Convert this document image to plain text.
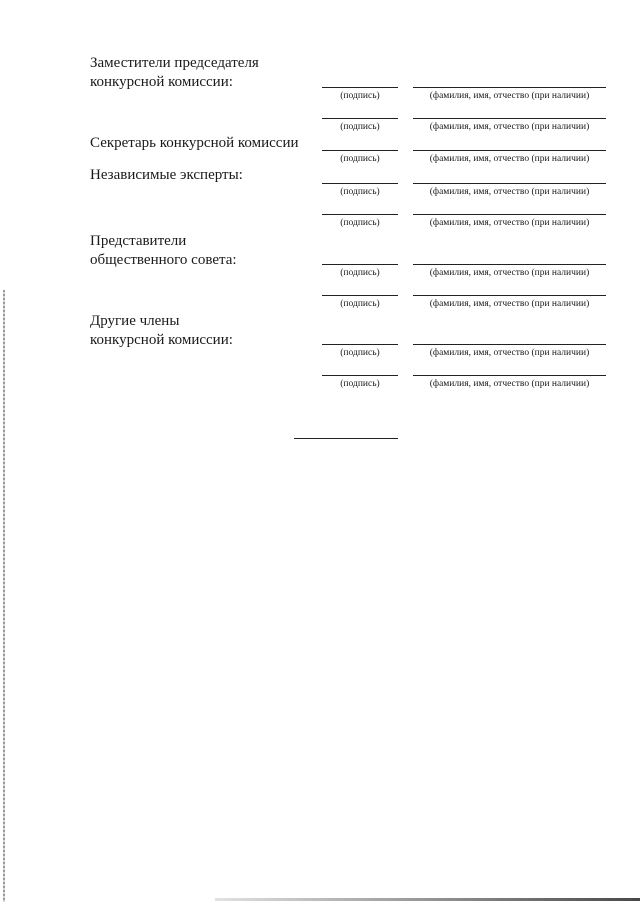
Заместители председателя
конкурсной комиссии:
(подпись)	(фамилия, имя, отчество (при наличии)
(подпись)	(фамилия, имя, отчество (при наличии)
Секретарь конкурсной комиссии
(подпись)	(фамилия, имя, отчество (при наличии)
Независимые эксперты:
(подпись)	(фамилия, имя, отчество (при наличии)
(подпись)	(фамилия, имя, отчество (при наличии)
Представители
общественного совета:
(подпись)	(фамилия, имя, отчество (при наличии)
(подпись)	(фамилия, имя, отчество (при наличии)
Другие члены
конкурсной комиссии:
(подпись)	(фамилия, имя, отчество (при наличии)
(подпись)	(фамилия, имя, отчество (при наличии)
